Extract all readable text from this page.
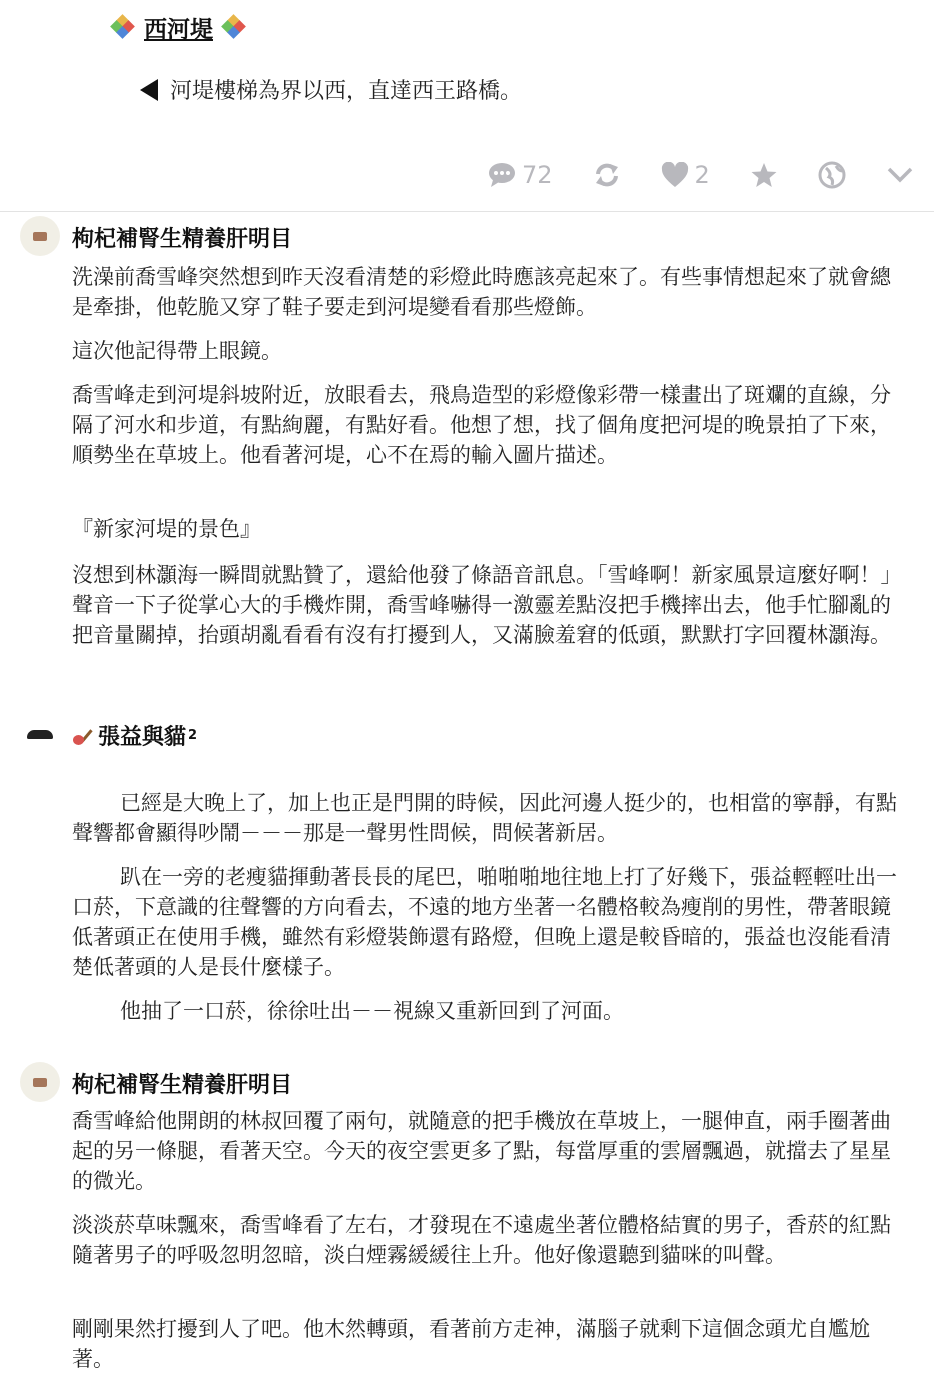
西河堤
河堤樓梯為界以西，直達西王路橋。
72	2
枸杞補腎生精養肝明目

洗澡前喬雪峰突然想到昨天沒看清楚的彩燈此時應該亮起來了。有些事情想起來了就會總是牽掛，他乾脆又穿了鞋子要走到河堤變看看那些燈飾。

這次他記得帶上眼鏡。

喬雪峰走到河堤斜坡附近，放眼看去，飛鳥造型的彩燈像彩帶一樣畫出了斑斕的直線，分隔了河水和步道，有點絢麗，有點好看。他想了想，找了個角度把河堤的晚景拍了下來，順勢坐在草坡上。他看著河堤，心不在焉的輸入圖片描述。

『新家河堤的景色』

沒想到林灝海一瞬間就點贊了，還給他發了條語音訊息。「雪峰啊！新家風景這麼好啊！」聲音一下子從掌心大的手機炸開，喬雪峰嚇得一激靈差點沒把手機摔出去，他手忙腳亂的把音量關掉，抬頭胡亂看看有沒有打擾到人，又滿臉羞窘的低頭，默默打字回覆林灝海。

張益與貓 2

已經是大晚上了，加上也正是門開的時候，因此河邊人挺少的，也相當的寧靜，有點聲響都會顯得吵鬧－－－那是一聲男性問候，問候著新居。

趴在一旁的老瘦貓揮動著長長的尾巴，啪啪啪地往地上打了好幾下，張益輕輕吐出一口菸，下意識的往聲響的方向看去，不遠的地方坐著一名體格較為瘦削的男性，帶著眼鏡低著頭正在使用手機，雖然有彩燈裝飾還有路燈，但晚上還是較昏暗的，張益也沒能看清楚低著頭的人是長什麼樣子。

他抽了一口菸，徐徐吐出－－視線又重新回到了河面。

枸杞補腎生精養肝明目

喬雪峰給他開朗的林叔回覆了兩句，就隨意的把手機放在草坡上，一腿伸直，兩手圈著曲起的另一條腿，看著天空。今天的夜空雲更多了點，每當厚重的雲層飄過，就擋去了星星的微光。

淡淡菸草味飄來，喬雪峰看了左右，才發現在不遠處坐著位體格結實的男子，香菸的紅點隨著男子的呼吸忽明忽暗，淡白煙霧緩緩往上升。他好像還聽到貓咪的叫聲。

剛剛果然打擾到人了吧。他木然轉頭，看著前方走神，滿腦子就剩下這個念頭尤自尷尬著。
